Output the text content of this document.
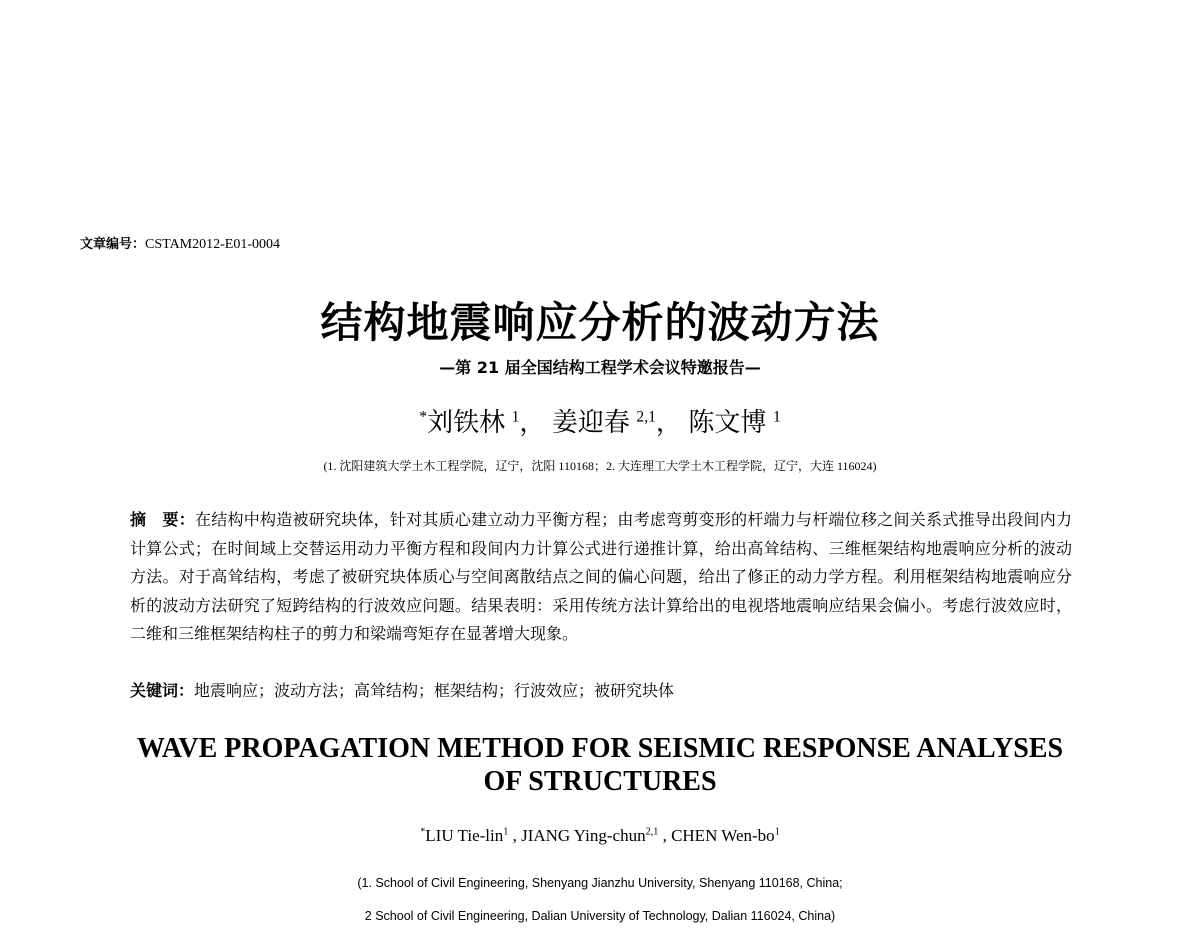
文章编号：CSTAM2012-E01-0004
结构地震响应分析的波动方法
—第 21 届全国结构工程学术会议特邀报告—
*刘铁林 $^1$， 姜迎春 $^{2,1}$， 陈文博 $^1$
(1. 沈阳建筑大学土木工程学院，辽宁，沈阳 110168；2. 大连理工大学土木工程学院，辽宁，大连 116024)
摘　要：在结构中构造被研究块体，针对其质心建立动力平衡方程；由考虑弯剪变形的杆端力与杆端位移之间关系式推导出段间内力计算公式；在时间域上交替运用动力平衡方程和段间内力计算公式进行递推计算，给出高耸结构、三维框架结构地震响应分析的波动方法。对于高耸结构，考虑了被研究块体质心与空间离散结点之间的偏心问题，给出了修正的动力学方程。利用框架结构地震响应分析的波动方法研究了短跨结构的行波效应问题。结果表明：采用传统方法计算给出的电视塔地震响应结果会偏小。考虑行波效应时，二维和三维框架结构柱子的剪力和梁端弯矩存在显著增大现象。
关键词：地震响应；波动方法；高耸结构；框架结构；行波效应；被研究块体
WAVE PROPAGATION METHOD FOR SEISMIC RESPONSE ANALYSES
OF STRUCTURES
*LIU Tie-lin$^1$ , JIANG Ying-chun$^{2,1}$ , CHEN Wen-$bo^1$
(1. School of Civil Engineering, Shenyang Jianzhu University, Shenyang 110168, China;
2 School of Civil Engineering, Dalian University of Technology, Dalian 116024, China)
